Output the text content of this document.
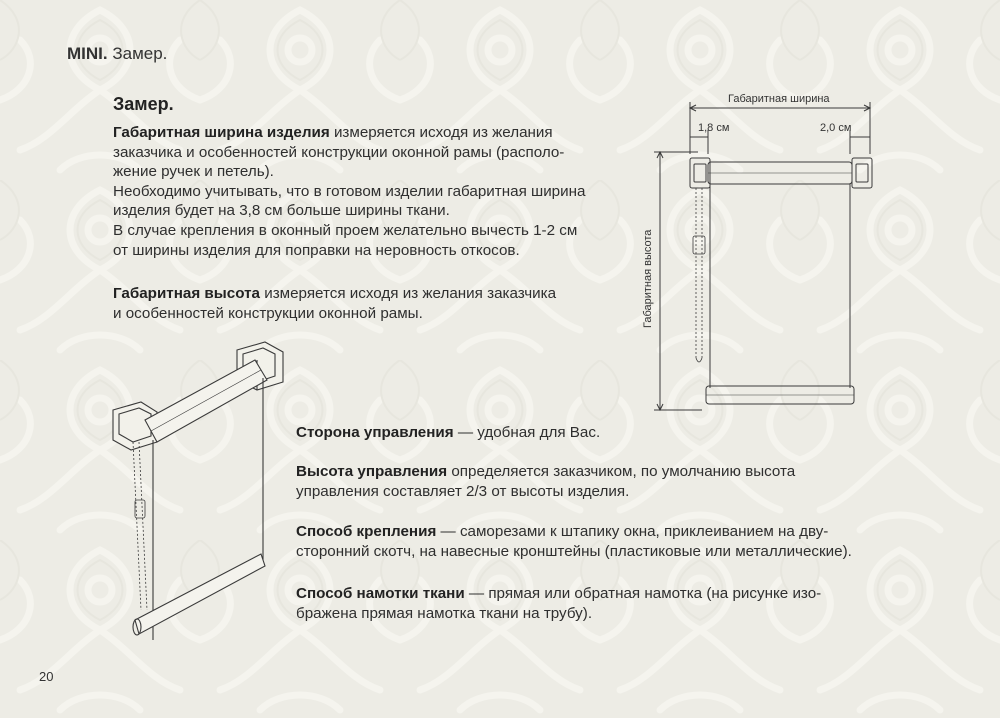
MINI. Замер.
Замер.
Габаритная ширина изделия измеряется исходя из желания
заказчика и особенностей конструкции оконной рамы (располо-
жение ручек и петель).
Необходимо учитывать, что в готовом изделии габаритная ширина
изделия будет на 3,8 см больше ширины ткани.
В случае крепления в оконный проем желательно вычесть 1-2 см
от ширины изделия для поправки на неровность откосов.
Габаритная высота измеряется исходя из желания заказчика
и особенностей конструкции оконной рамы.
Сторона управления — удобная для Вас.
Высота управления определяется заказчиком, по умолчанию высота
управления составляет 2/3 от высоты изделия.
Способ крепления — саморезами к штапику окна, приклеиванием на дву-
сторонний скотч, на навесные кронштейны (пластиковые или металлические).
Способ намотки ткани — прямая или обратная намотка (на рисунке изо-
бражена прямая намотка ткани на трубу).
Габаритная ширина
1,8 см	2,0 см
Габаритная высота
20
